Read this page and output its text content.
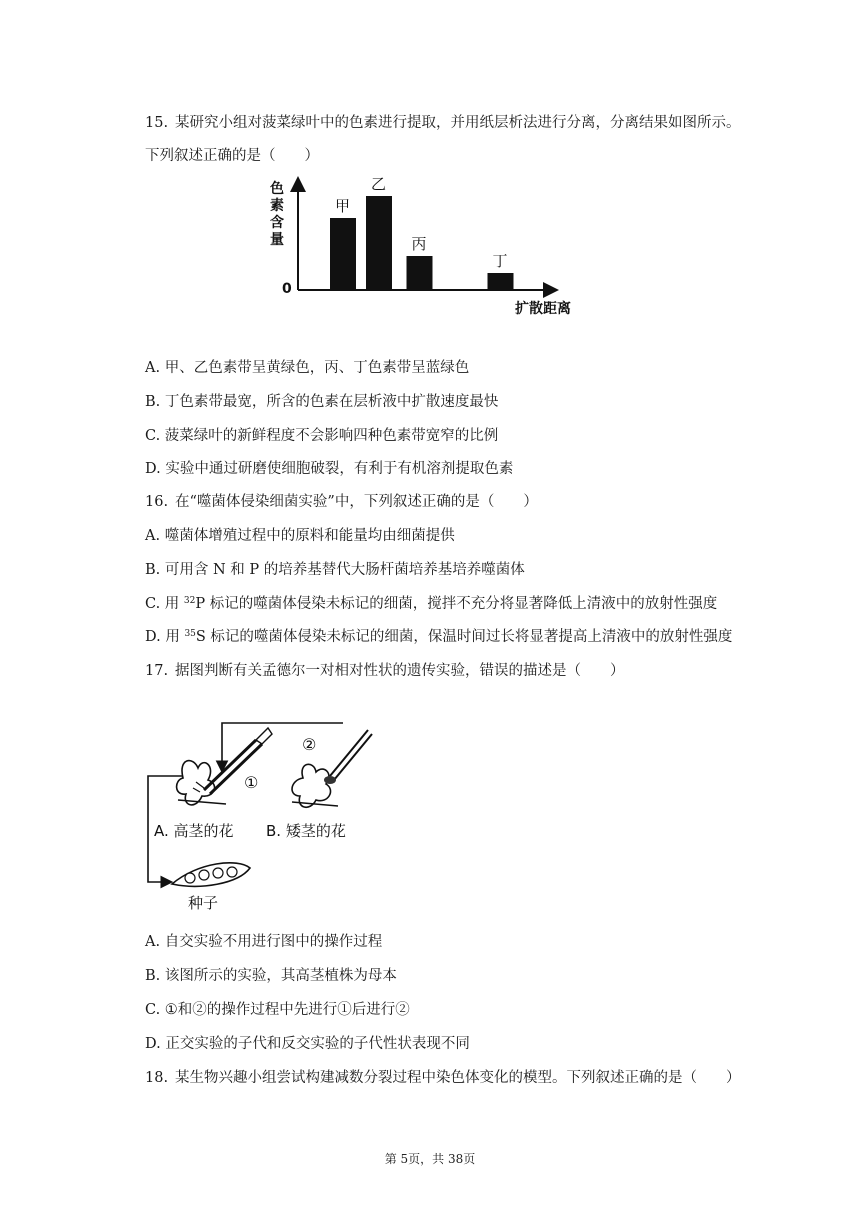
15. 某研究小组对菠菜绿叶中的色素进行提取，并用纸层析法进行分离，分离结果如图所示。
下列叙述正确的是（　　）
色
素
含
量
0
甲
乙
丙
丁
扩散距离
A. 甲、乙色素带呈黄绿色，丙、丁色素带呈蓝绿色
B. 丁色素带最宽，所含的色素在层析液中扩散速度最快
C. 菠菜绿叶的新鲜程度不会影响四种色素带宽窄的比例
D. 实验中通过研磨使细胞破裂，有利于有机溶剂提取色素
16. 在“噬菌体侵染细菌实验”中，下列叙述正确的是（　　）
A. 噬菌体增殖过程中的原料和能量均由细菌提供
B. 可用含 N 和 P 的培养基替代大肠杆菌培养基培养噬菌体
C. 用 $^{32}$P 标记的噬菌体侵染未标记的细菌，搅拌不充分将显著降低上清液中的放射性强度
D. 用 $^{35}$S 标记的噬菌体侵染未标记的细菌，保温时间过长将显著提高上清液中的放射性强度
17. 据图判断有关孟德尔一对相对性状的遗传实验，错误的描述是（　　）
①
②
A. 高茎的花 B. 矮茎的花
种子
A. 自交实验不用进行图中的操作过程
B. 该图所示的实验，其高茎植株为母本
C. ①和②的操作过程中先进行①后进行②
D. 正交实验的子代和反交实验的子代性状表现不同
18. 某生物兴趣小组尝试构建减数分裂过程中染色体变化的模型。下列叙述正确的是（　　）
第 5页，共 38页
